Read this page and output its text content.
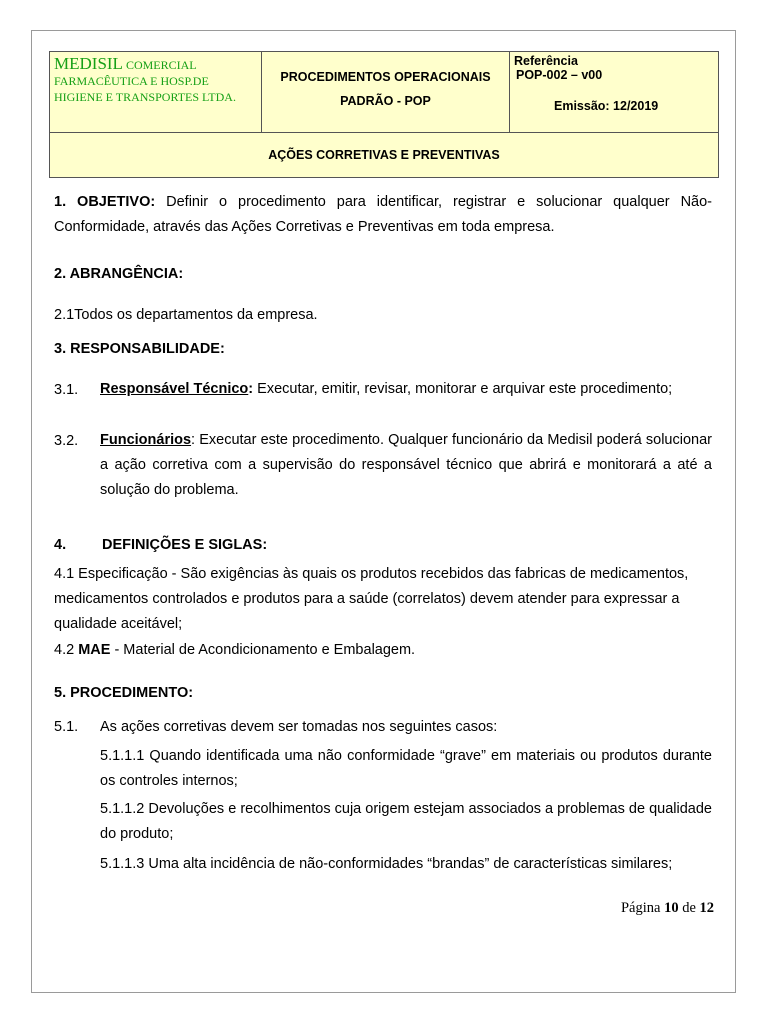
MEDISIL COMERCIAL
FARMACÊUTICA E HOSP.DE
HIGIENE E TRANSPORTES LTDA.
PROCEDIMENTOS OPERACIONAIS
PADRÃO - POP
Referência
POP-002 – v00
Emissão: 12/2019
AÇÕES CORRETIVAS E PREVENTIVAS
1. OBJETIVO: Definir o procedimento para identificar, registrar e solucionar qualquer Não-Conformidade, através das Ações Corretivas e Preventivas em toda empresa.
2. ABRANGÊNCIA:
2.1Todos os departamentos da empresa.
3. RESPONSABILIDADE:
3.1. Responsável Técnico: Executar, emitir, revisar, monitorar e arquivar este procedimento;
3.2. Funcionários: Executar este procedimento. Qualquer funcionário da Medisil poderá solucionar a ação corretiva com a supervisão do responsável técnico que abrirá e monitorará a até a solução do problema.
4. DEFINIÇÕES E SIGLAS:
4.1 Especificação - São exigências às quais os produtos recebidos das fabricas de medicamentos, medicamentos controlados e produtos para a saúde (correlatos) devem atender para expressar a qualidade aceitável;
4.2 MAE - Material de Acondicionamento e Embalagem.
5. PROCEDIMENTO:
5.1. As ações corretivas devem ser tomadas nos seguintes casos:
5.1.1.1 Quando identificada uma não conformidade “grave” em materiais ou produtos durante os controles internos;
5.1.1.2 Devoluções e recolhimentos cuja origem estejam associados a problemas de qualidade do produto;
5.1.1.3 Uma alta incidência de não-conformidades “brandas” de características similares;
Página 10 de 12
